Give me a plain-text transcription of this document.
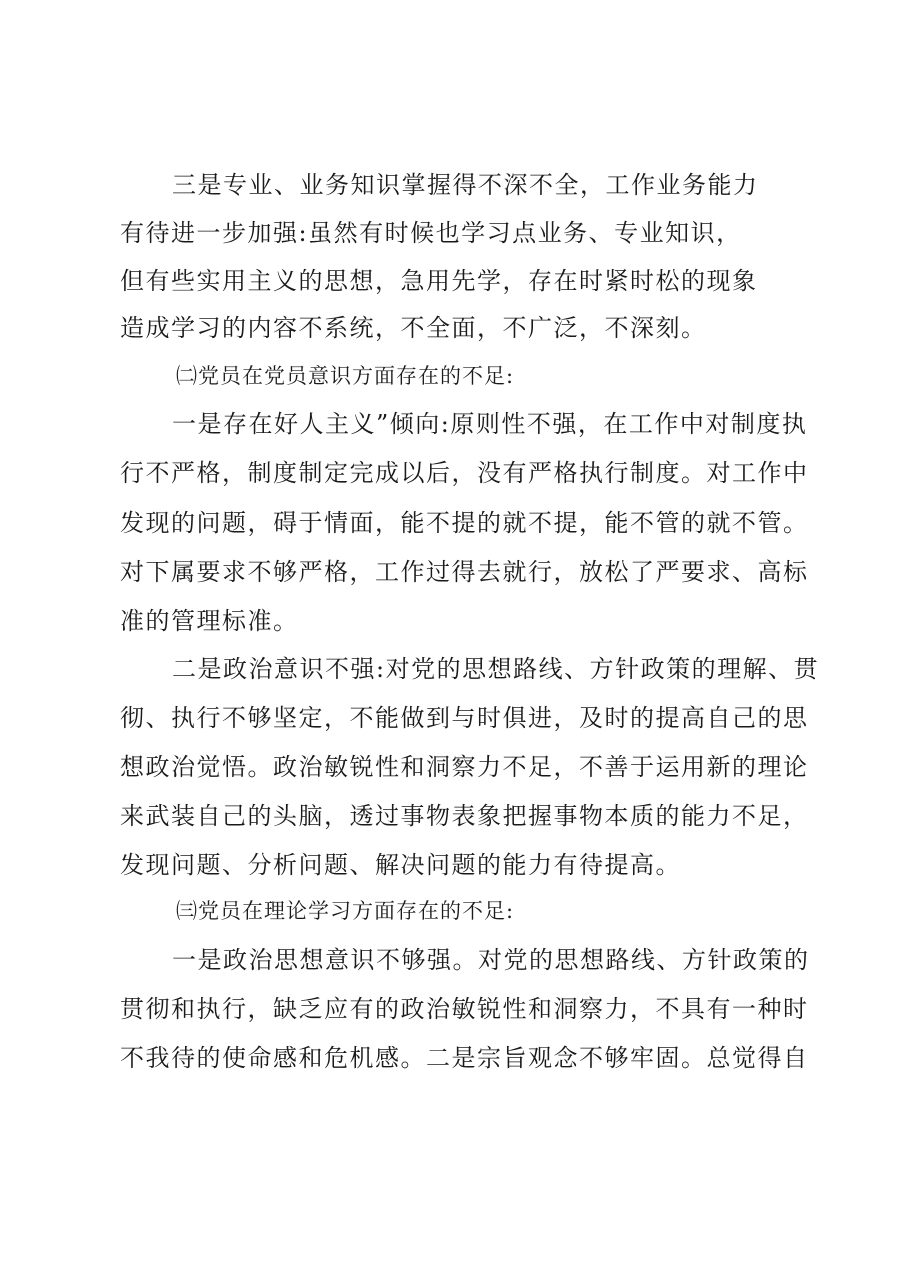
三是专业、业务知识掌握得不深不全，工作业务能力
有待进一步加强:虽然有时候也学习点业务、专业知识，
但有些实用主义的思想，急用先学，存在时紧时松的现象
造成学习的内容不系统，不全面，不广泛，不深刻。
㈡党员在党员意识方面存在的不足:
一是存在好人主义”倾向:原则性不强，在工作中对制度执
行不严格，制度制定完成以后，没有严格执行制度。对工作中
发现的问题，碍于情面，能不提的就不提，能不管的就不管。
对下属要求不够严格，工作过得去就行，放松了严要求、高标
准的管理标准。
二是政治意识不强:对党的思想路线、方针政策的理解、贯
彻、执行不够坚定，不能做到与时俱进，及时的提高自己的思
想政治觉悟。政治敏锐性和洞察力不足，不善于运用新的理论
来武装自己的头脑，透过事物表象把握事物本质的能力不足，
发现问题、分析问题、解决问题的能力有待提高。
㈢党员在理论学习方面存在的不足:
一是政治思想意识不够强。对党的思想路线、方针政策的
贯彻和执行，缺乏应有的政治敏锐性和洞察力，不具有一种时
不我待的使命感和危机感。二是宗旨观念不够牢固。总觉得自
